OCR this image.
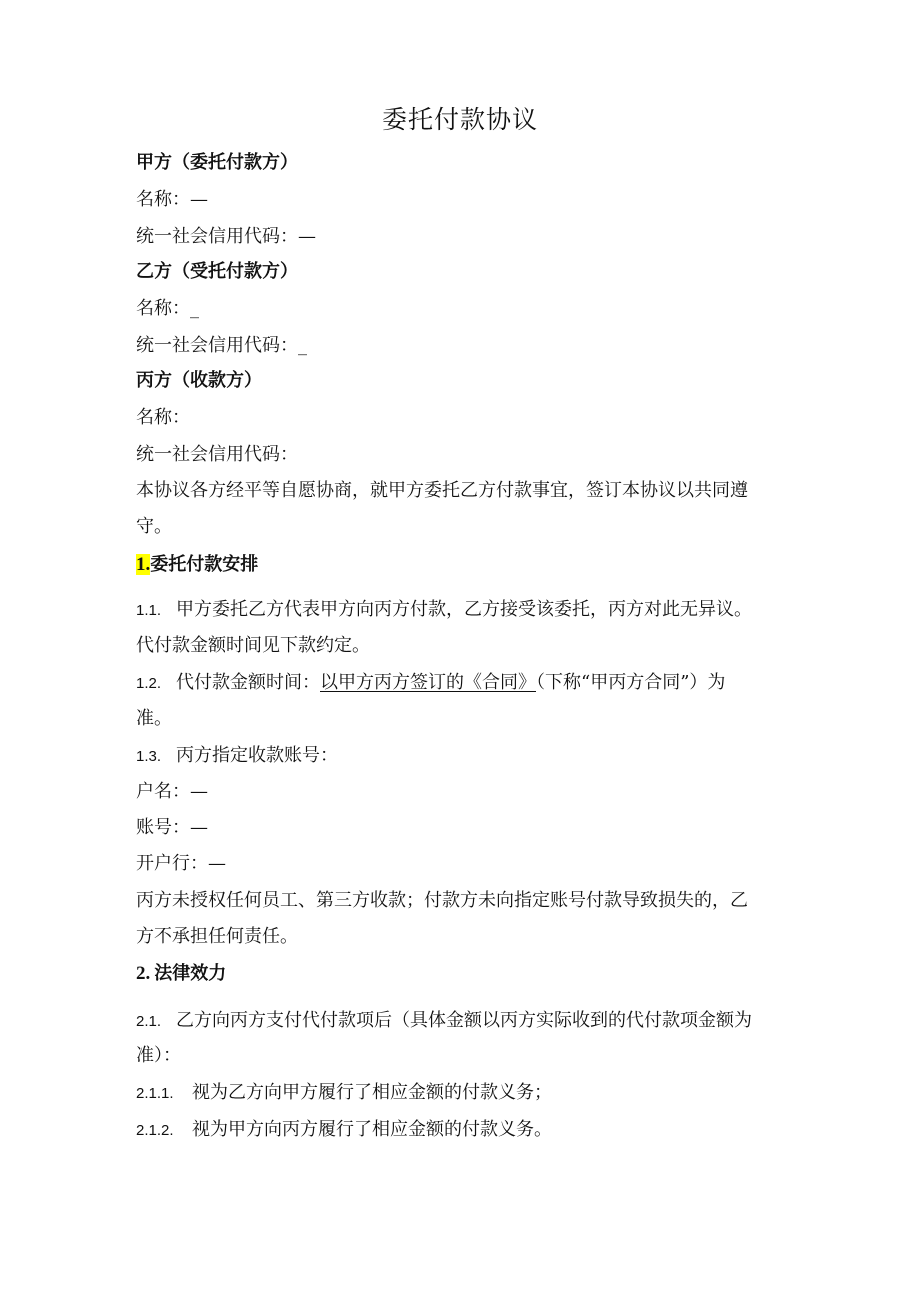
委托付款协议
甲方（委托付款方）
名称：—
统一社会信用代码：—
乙方（受托付款方）
名称：_
统一社会信用代码：_
丙方（收款方）
名称：
统一社会信用代码：
本协议各方经平等自愿协商，就甲方委托乙方付款事宜，签订本协议以共同遵
守。
1.委托付款安排
1.1. 甲方委托乙方代表甲方向丙方付款，乙方接受该委托，丙方对此无异议。
代付款金额时间见下款约定。
1.2. 代付款金额时间：以甲方丙方签订的《合同》（下称“甲丙方合同”）为
准。
1.3. 丙方指定收款账号：
户名：—
账号：—
开户行：—
丙方未授权任何员工、第三方收款；付款方未向指定账号付款导致损失的，乙
方不承担任何责任。
2. 法律效力
2.1. 乙方向丙方支付代付款项后（具体金额以丙方实际收到的代付款项金额为
准）：
2.1.1. 视为乙方向甲方履行了相应金额的付款义务；
2.1.2. 视为甲方向丙方履行了相应金额的付款义务。
